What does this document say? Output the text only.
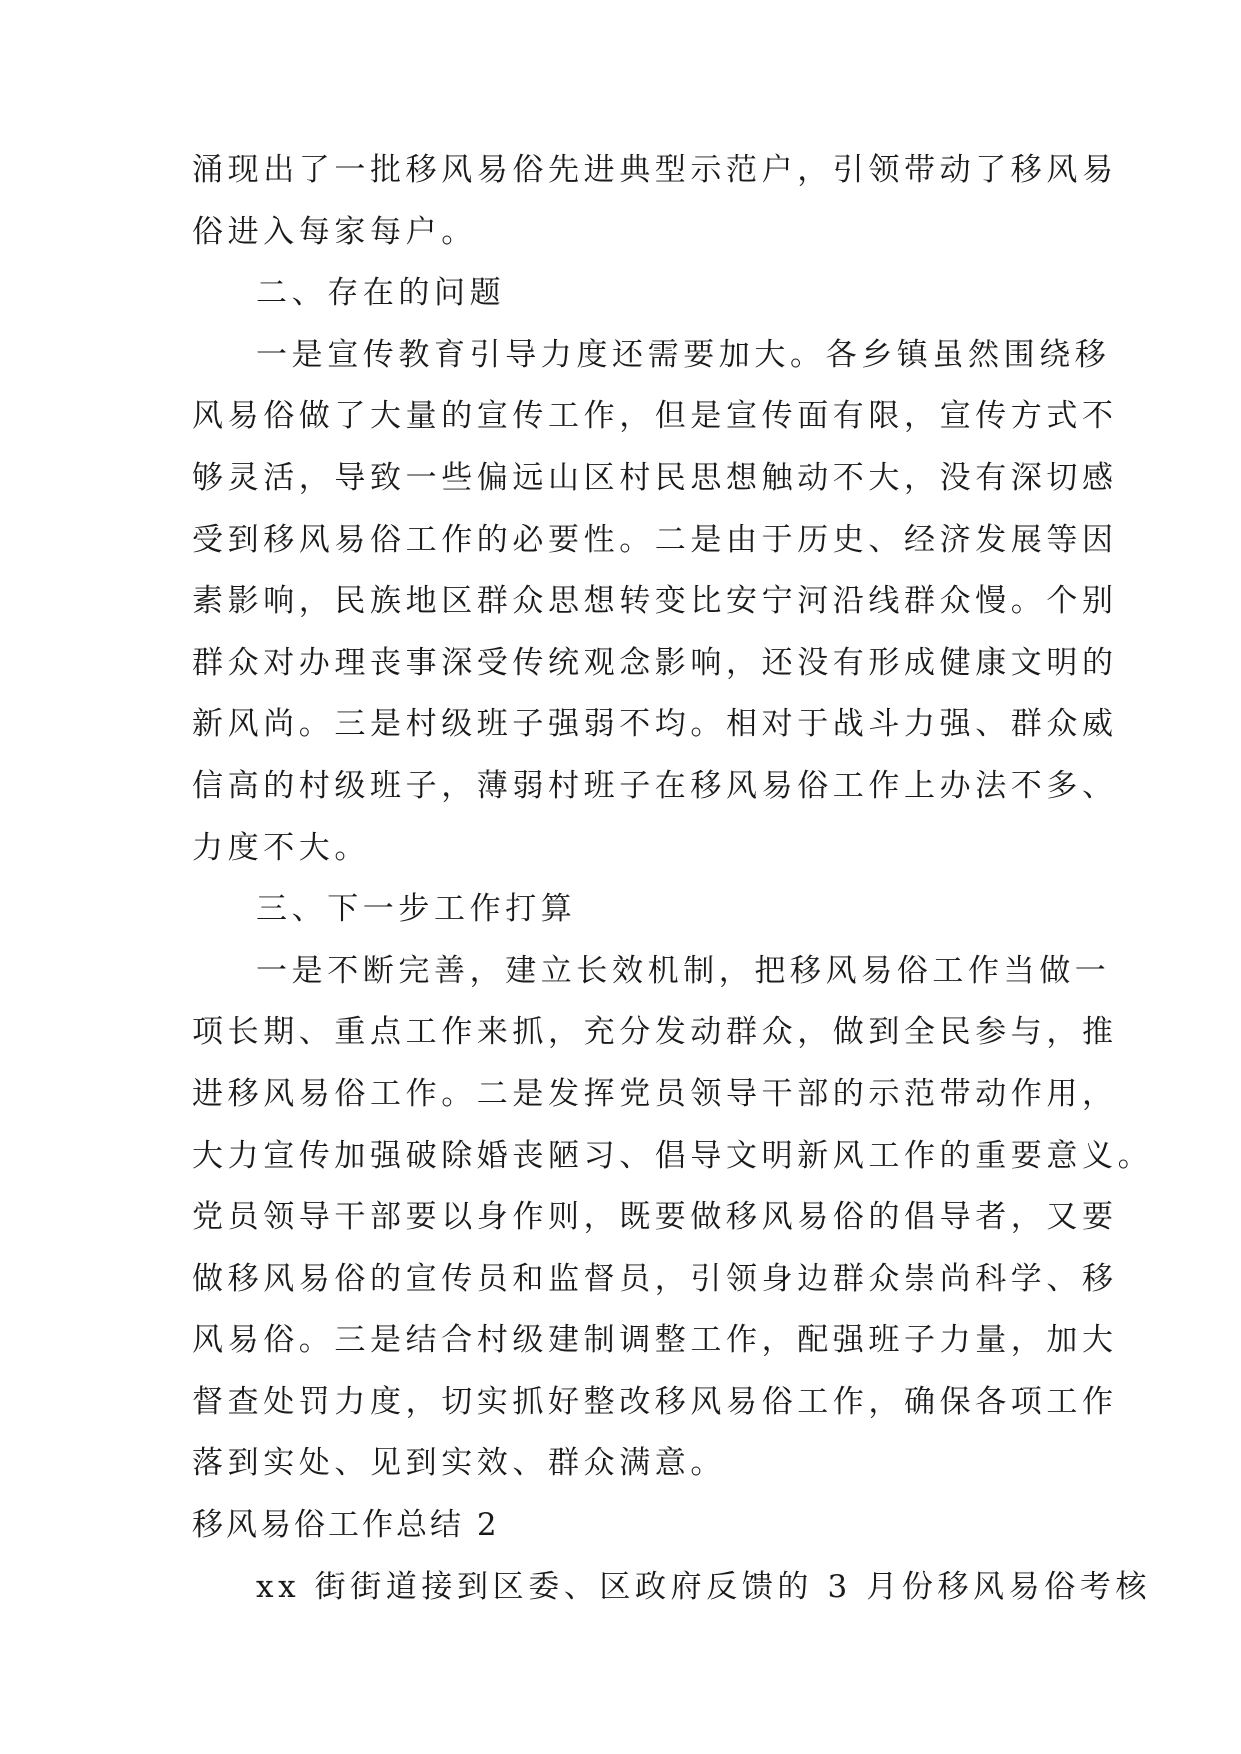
涌现出了一批移风易俗先进典型示范户，引领带动了移风易
俗进入每家每户。
二、存在的问题
一是宣传教育引导力度还需要加大。各乡镇虽然围绕移
风易俗做了大量的宣传工作，但是宣传面有限，宣传方式不
够灵活，导致一些偏远山区村民思想触动不大，没有深切感
受到移风易俗工作的必要性。二是由于历史、经济发展等因
素影响，民族地区群众思想转变比安宁河沿线群众慢。个别
群众对办理丧事深受传统观念影响，还没有形成健康文明的
新风尚。三是村级班子强弱不均。相对于战斗力强、群众威
信高的村级班子，薄弱村班子在移风易俗工作上办法不多、
力度不大。
三、下一步工作打算
一是不断完善，建立长效机制，把移风易俗工作当做一
项长期、重点工作来抓，充分发动群众，做到全民参与，推
进移风易俗工作。二是发挥党员领导干部的示范带动作用，
大力宣传加强破除婚丧陋习、倡导文明新风工作的重要意义。
党员领导干部要以身作则，既要做移风易俗的倡导者，又要
做移风易俗的宣传员和监督员，引领身边群众崇尚科学、移
风易俗。三是结合村级建制调整工作，配强班子力量，加大
督查处罚力度，切实抓好整改移风易俗工作，确保各项工作
落到实处、见到实效、群众满意。
移风易俗工作总结 2
xx 街街道接到区委、区政府反馈的 3 月份移风易俗考核
